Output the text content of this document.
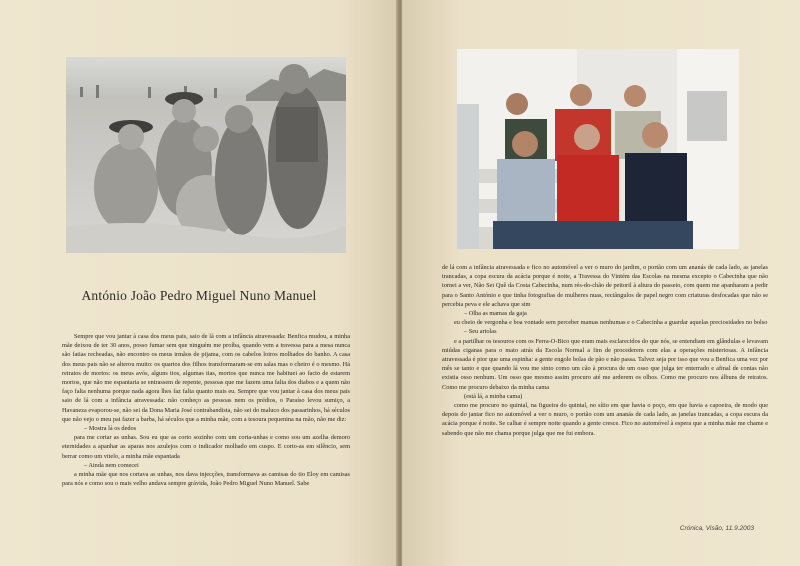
António João Pedro Miguel Nuno Manuel

Sempre que vou jantar à casa dos meus pais, saio de lá com a infância atravessada: Benfica mudou, a minha mãe deixou de ter 30 anos, posso fumar sem que ninguém me proíba, quando vem a travessa para a mesa nunca são fatias recheadas, não encontro os meus irmãos de pijama, com os cabelos loiros molhados do banho. A casa dos meus pais não se alterou muito: os quartos dos filhos transformaram-se em salas mas o cheiro é o mesmo. Há retratos de mortos: os meus avós, alguns tios, algumas tias, mortos que nunca me habituei ao facto de estarem mortos, que não me espantaria se entrassem de repente, pessoas que me fazem uma falta dos diabos e a quem não faço falta nenhuma porque nada agora lhes faz falta quanto mais eu. Sempre que vou jantar à casa dos meus pais saio de lá com a infância atravessada: não conheço as pessoas nem os prédios, o Paraíso levou sumiço, a Havaneza evaporou-se, não sei da Dona Maria José contrabandista, não sei do maluco dos passarinhos, há séculos que não vejo o meu pai fazer a barba, há séculos que a minha mãe, com a tesoura pequenina na mão, não me diz:

– Mostra lá os dedos

para me cortar as unhas. Sou eu que as corto sozinho com um corta-unhas e como sou um azelha demoro eternidades a apanhar as aparas nos azulejos com o indicador molhado em cuspo. E corto-as em silêncio, sem berrar como um vitelo, a minha mãe espantada

– Ainda nem comecei

a minha mãe que nos cortava as unhas, nos dava injecções, transformava as camisas do tio Eloy em camisas para nós e como sou o mais velho andava sempre grávida, João Pedro Miguel Nuno Manuel. Sabe

de lá com a infância atravessada e fico no automóvel a ver o muro do jardim, o portão com um ananás de cada lado, as janelas trancadas, a copa escura da acácia porque é noite, a Travessa do Vintém das Escolas na mesma excepto o Cabecinha que não tornei a ver, Não Sei Quê da Costa Cabecinha, num rés-do-chão de peitoril à altura do passeio, com quem me apanharam a pedir para o Santo António e que tinha fotografias de mulheres nuas, rectângulos de papel negro com criaturas desfocadas que não se percebia peva e ele achava que sim

– Olha as mamas da gaja

eu cheio de vergonha e boa vontade sem perceber mamas nenhumas e o Cabecinha a guardar aquelas preciosidades no bolso

– Seu artolas

e a partilhar os tesouros com os Ferra-O-Bico que eram mais esclarecidos do que nós, se entendiam em glândulas e levavam miúdas ciganas para o mato atrás da Escola Normal a fim de procederem com elas a operações misteriosas. A infância atravessada é pior que uma espinha: a gente engole bolas de pão e não passa. Talvez seja por isso que vou a Benfica uma vez por mês se tanto e que quando lá vou me sinto como um cão à procura de um osso que julga ter enterrado e afinal de contas não existia osso nenhum. Um osso que mesmo assim procuro até me arderem os olhos. Como me procuro nos álbuns de retratos. Como me procuro debaixo da minha cama

(está lá, a minha cama)

como me procuro no quintal, na figueira do quintal, no sítio em que havia o poço, em que havia a capoeira, de modo que depois do jantar fico no automóvel a ver o muro, o portão com um ananás de cada lado, as janelas trancadas, a copa escura da acácia porque é noite. Se calhar é sempre noite quando a gente cresce. Fico no automóvel à espera que a minha mãe me chame e sabendo que não me chama porque julga que me fui embora.

Crónica, Visão, 11.9.2003
